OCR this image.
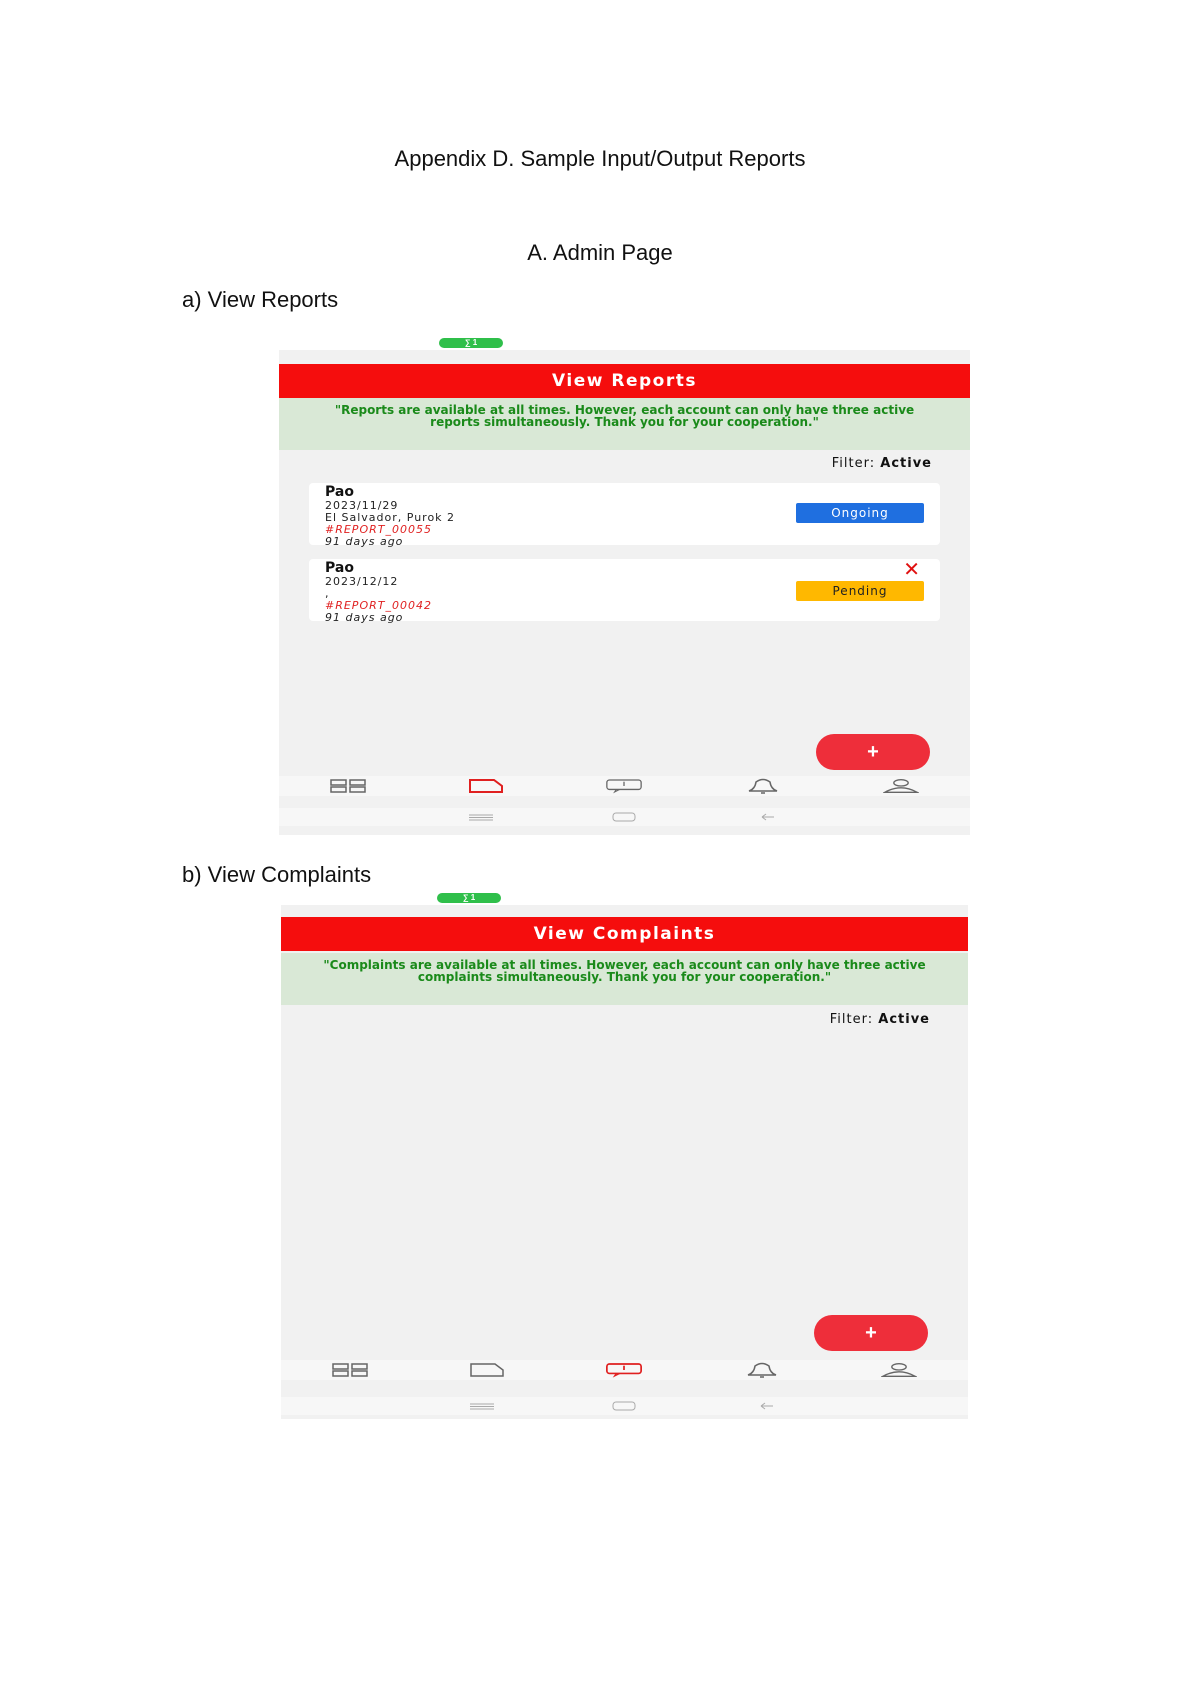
Appendix D. Sample Input/Output Reports
A. Admin Page
a) View Reports
∑ 1
View Reports
"Reports are available at all times. However, each account can only have three active reports simultaneously. Thank you for your cooperation."
Filter: Active
Pao
2023/11/29
El Salvador, Purok 2
#REPORT_00055
91 days ago
Ongoing
Pao
2023/12/12
,
#REPORT_00042
91 days ago
✕
Pending
+
b) View Complaints
∑ 1
View Complaints
"Complaints are available at all times. However, each account can only have three active complaints simultaneously. Thank you for your cooperation."
Filter: Active
+
